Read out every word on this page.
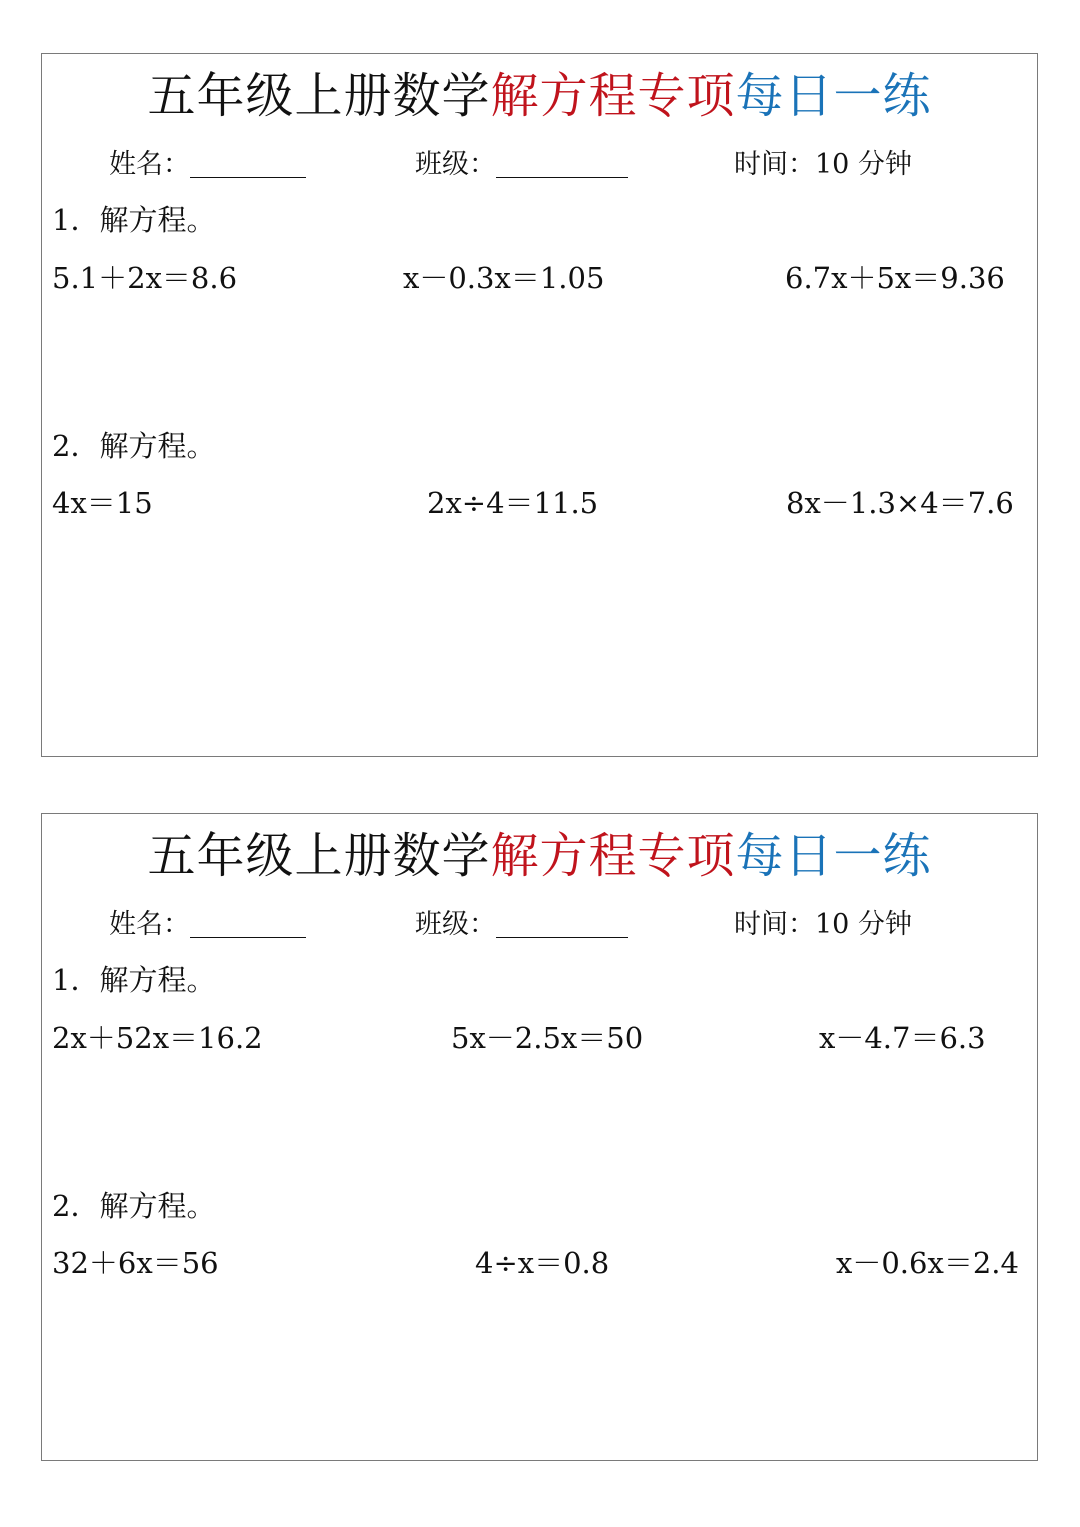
五年级上册数学解方程专项每日一练
姓名：	班级：	时间：10 分钟
1．解方程。
5.1＋2x＝8.6	x－0.3x＝1.05	6.7x＋5x＝9.36
2．解方程。
4x＝15	2x÷4＝11.5	8x－1.3×4＝7.6
五年级上册数学解方程专项每日一练
姓名：	班级：	时间：10 分钟
1．解方程。
2x＋52x＝16.2	5x－2.5x＝50	x－4.7＝6.3
2．解方程。
32＋6x＝56	4÷x＝0.8	x－0.6x＝2.4
